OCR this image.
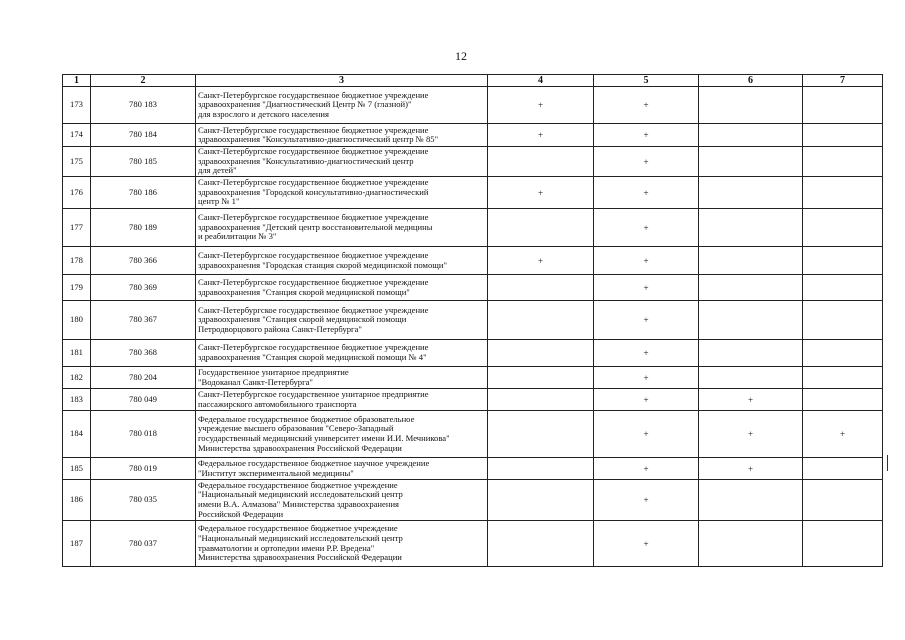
12
1	2	3	4	5	6	7
173	780 183	Санкт-Петербургское государственное бюджетное учреждение
здравоохранения "Диагностический Центр № 7 (глазной)"
для взрослого и детского населения	+	+		
174	780 184	Санкт-Петербургское государственное бюджетное учреждение
здравоохранения "Консультативно-диагностический центр № 85"	+	+		
175	780 185	Санкт-Петербургское государственное бюджетное учреждение
здравоохранения "Консультативно-диагностический центр
для детей"		+		
176	780 186	Санкт-Петербургское государственное бюджетное учреждение
здравоохранения "Городской консультативно-диагностический
центр № 1"	+	+		
177	780 189	Санкт-Петербургское государственное бюджетное учреждение
здравоохранения "Детский центр восстановительной медицины
и реабилитации № 3"		+		
178	780 366	Санкт-Петербургское государственное бюджетное учреждение
здравоохранения "Городская станция скорой медицинской помощи"	+	+		
179	780 369	Санкт-Петербургское государственное бюджетное учреждение
здравоохранения "Станция скорой медицинской помощи"		+		
180	780 367	Санкт-Петербургское государственное бюджетное учреждение
здравоохранения "Станция скорой медицинской помощи
Петродворцового района Санкт-Петербурга"		+		
181	780 368	Санкт-Петербургское государственное бюджетное учреждение
здравоохранения "Станция скорой медицинской помощи № 4"		+		
182	780 204	Государственное унитарное предприятие
"Водоканал Санкт-Петербурга"		+		
183	780 049	Санкт-Петербургское государственное унитарное предприятие
пассажирского автомобильного транспорта		+	+	
184	780 018	Федеральное государственное бюджетное образовательное
учреждение высшего образования "Северо-Западный
государственный медицинский университет имени И.И. Мечникова"
Министерства здравоохранения Российской Федерации		+	+	+
185	780 019	Федеральное государственное бюджетное научное учреждение
"Институт экспериментальной медицины"		+	+	
186	780 035	Федеральное государственное бюджетное учреждение
"Национальный медицинский исследовательский центр
имени В.А. Алмазова" Министерства здравоохранения
Российской Федерации		+		
187	780 037	Федеральное государственное бюджетное учреждение
"Национальный медицинский исследовательский центр
травматологии и ортопедии имени Р.Р. Вредена"
Министерства здравоохранения Российской Федерации		+		
